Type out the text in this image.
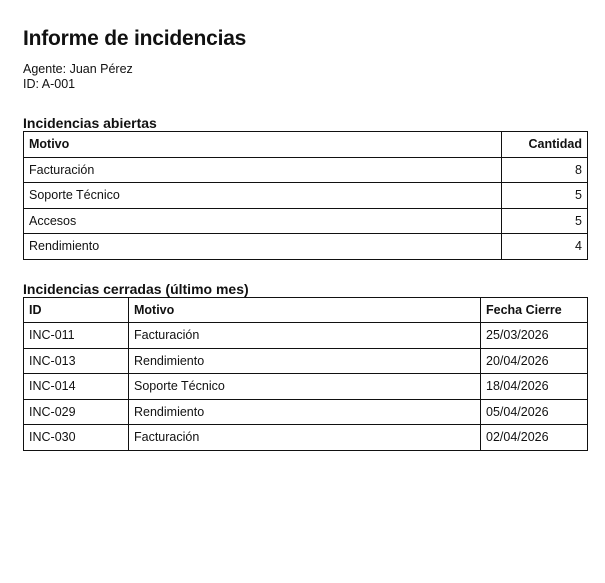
Informe de incidencias
Agente: Juan Pérez
ID: A-001
Incidencias abiertas
Motivo	Cantidad
Facturación	8
Soporte Técnico	5
Accesos	5
Rendimiento	4
Incidencias cerradas (último mes)
ID	Motivo	Fecha Cierre
INC-011	Facturación	25/03/2026
INC-013	Rendimiento	20/04/2026
INC-014	Soporte Técnico	18/04/2026
INC-029	Rendimiento	05/04/2026
INC-030	Facturación	02/04/2026
